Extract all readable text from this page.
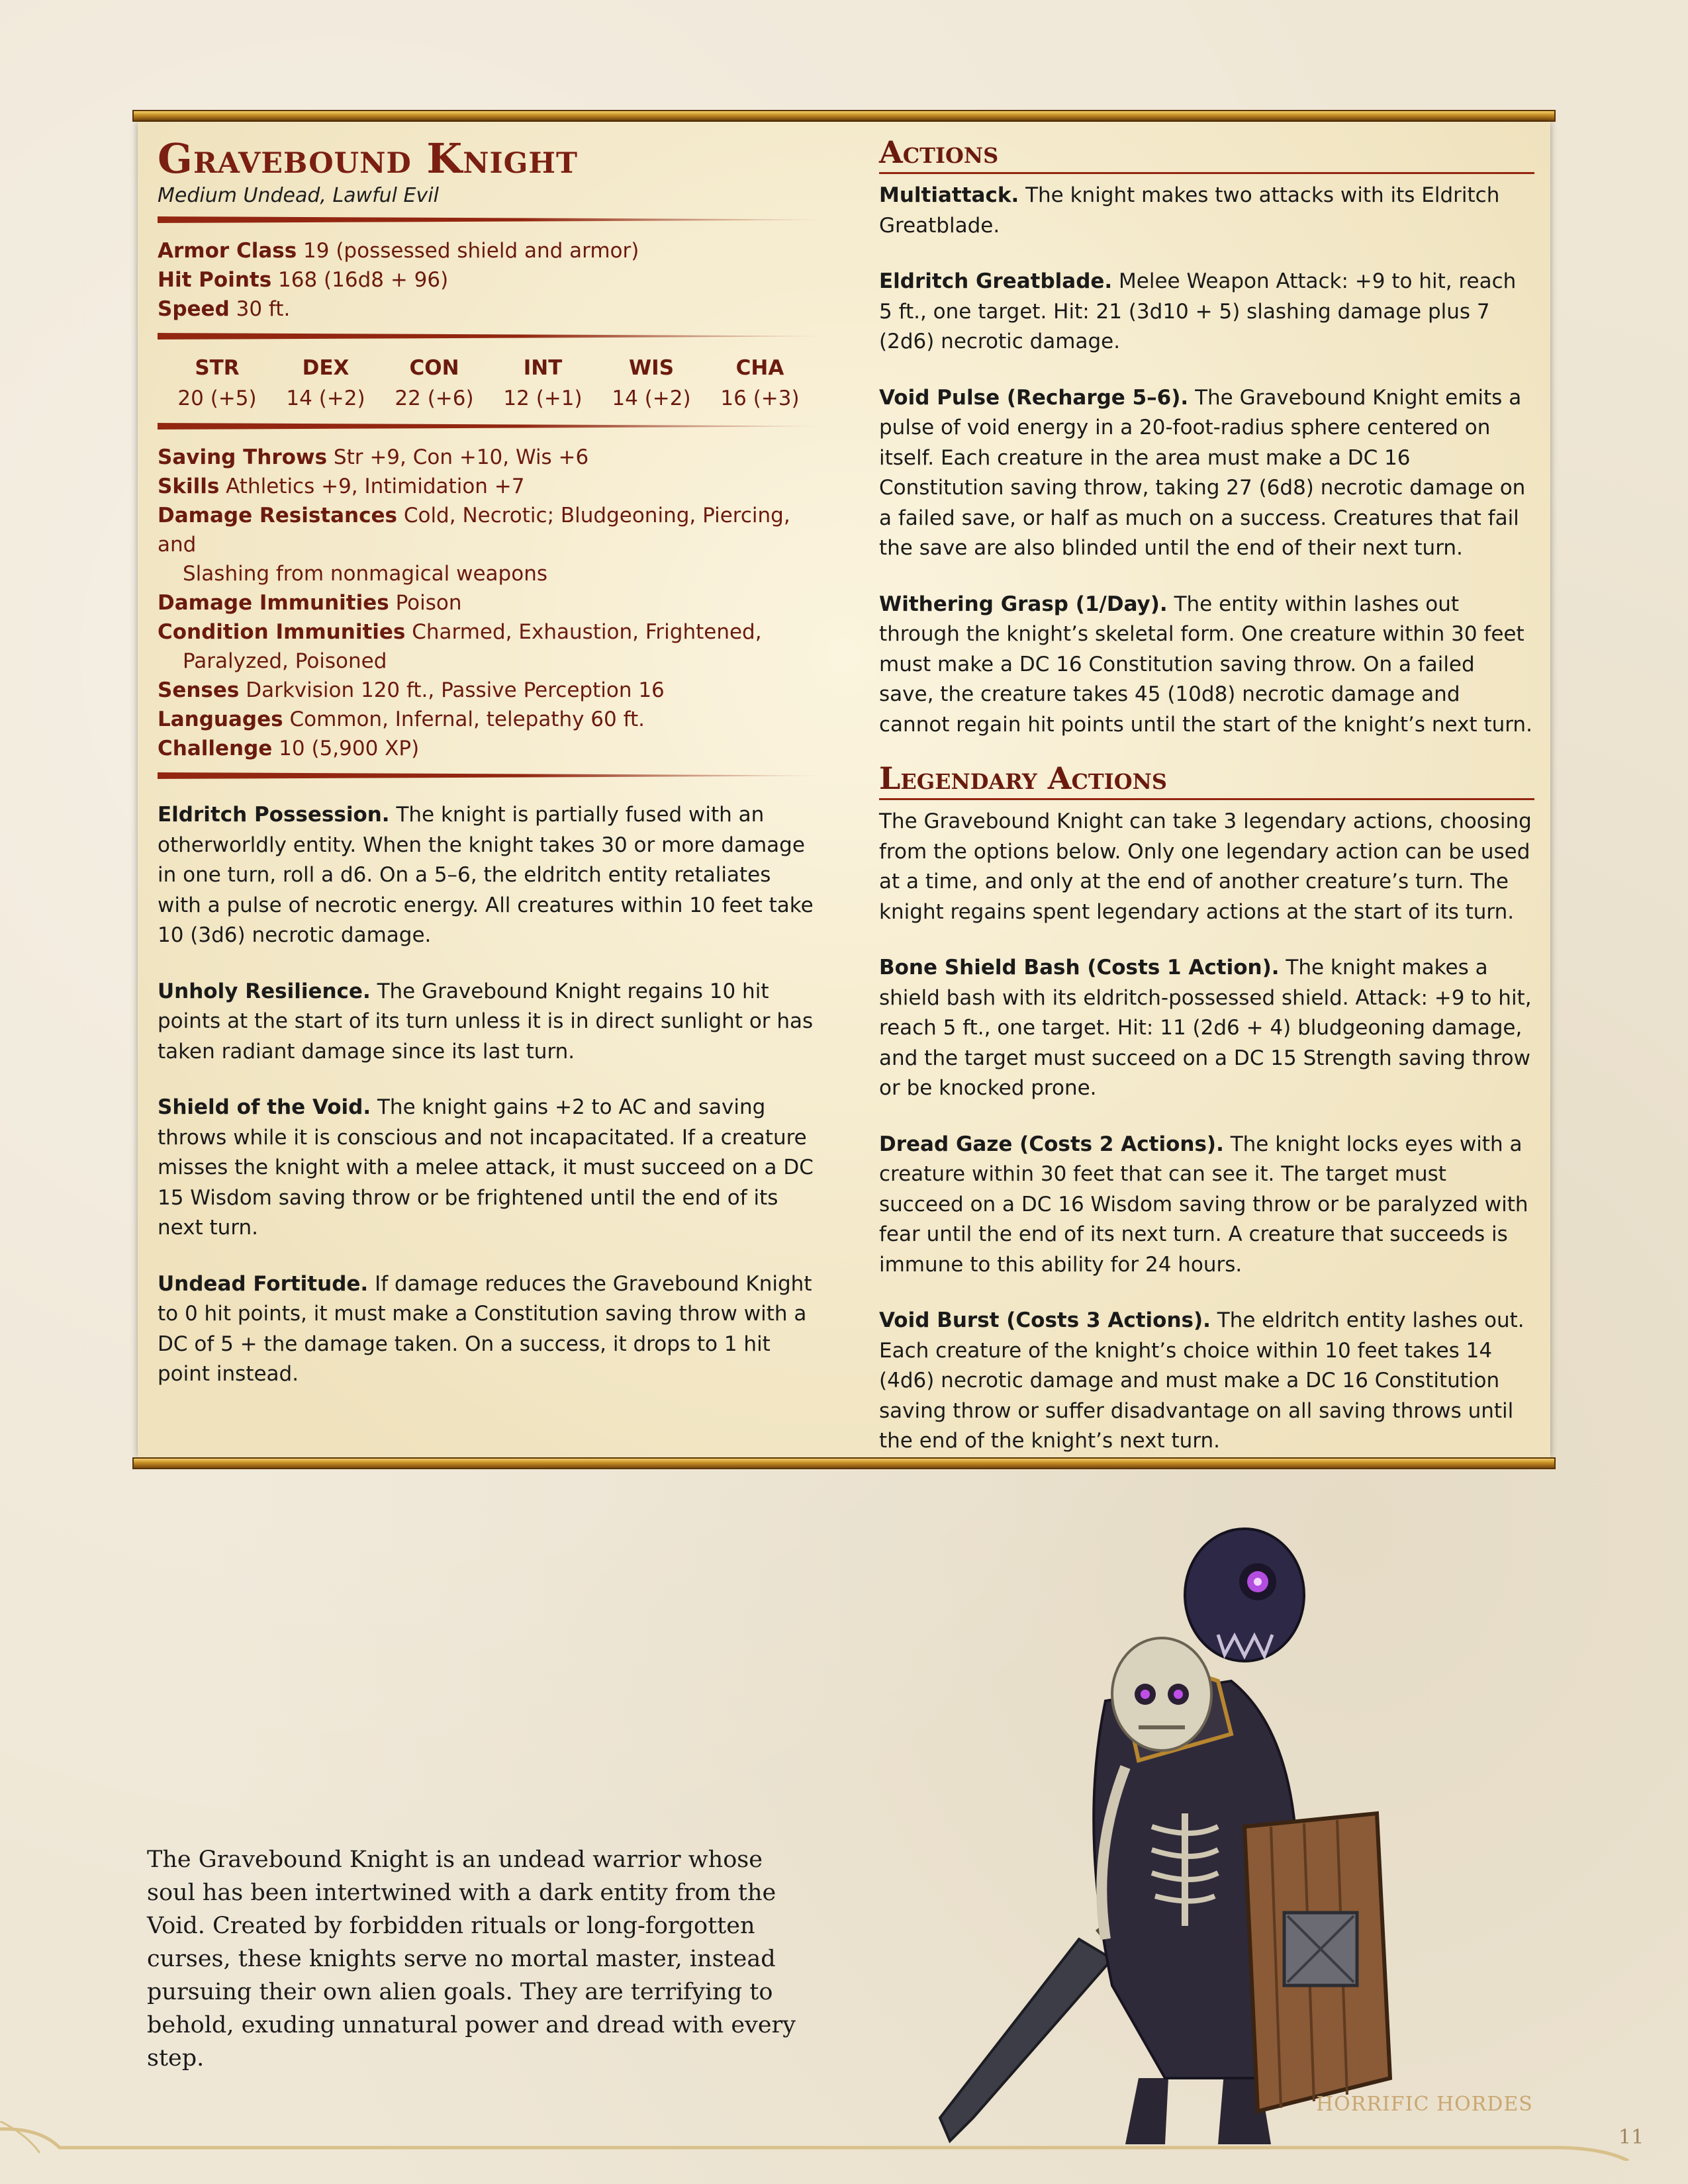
Gravebound Knight
Medium Undead, Lawful Evil
Armor Class 19 (possessed shield and armor)
Hit Points 168 (16d8 + 96)
Speed 30 ft.
STR
20 (+5)
DEX
14 (+2)
CON
22 (+6)
INT
12 (+1)
WIS
14 (+2)
CHA
16 (+3)
Saving Throws Str +9, Con +10, Wis +6
Skills Athletics +9, Intimidation +7
Damage Resistances Cold, Necrotic; Bludgeoning, Piercing, and
Slashing from nonmagical weapons
Damage Immunities Poison
Condition Immunities Charmed, Exhaustion, Frightened,
Paralyzed, Poisoned
Senses Darkvision 120 ft., Passive Perception 16
Languages Common, Infernal, telepathy 60 ft.
Challenge 10 (5,900 XP)

Eldritch Possession. The knight is partially fused with an otherworldly entity. When the knight takes 30 or more damage in one turn, roll a d6. On a 5–6, the eldritch entity retaliates with a pulse of necrotic energy. All creatures within 10 feet take 10 (3d6) necrotic damage.

Unholy Resilience. The Gravebound Knight regains 10 hit points at the start of its turn unless it is in direct sunlight or has taken radiant damage since its last turn.

Shield of the Void. The knight gains +2 to AC and saving throws while it is conscious and not incapacitated. If a creature misses the knight with a melee attack, it must succeed on a DC 15 Wisdom saving throw or be frightened until the end of its next turn.

Undead Fortitude. If damage reduces the Gravebound Knight to 0 hit points, it must make a Constitution saving throw with a DC of 5 + the damage taken. On a success, it drops to 1 hit point instead.

Actions

Multiattack. The knight makes two attacks with its Eldritch Greatblade.

Eldritch Greatblade. Melee Weapon Attack: +9 to hit, reach 5 ft., one target. Hit: 21 (3d10 + 5) slashing damage plus 7 (2d6) necrotic damage.

Void Pulse (Recharge 5–6). The Gravebound Knight emits a pulse of void energy in a 20-foot-radius sphere centered on itself. Each creature in the area must make a DC 16 Constitution saving throw, taking 27 (6d8) necrotic damage on a failed save, or half as much on a success. Creatures that fail the save are also blinded until the end of their next turn.

Withering Grasp (1/Day). The entity within lashes out through the knight’s skeletal form. One creature within 30 feet must make a DC 16 Constitution saving throw. On a failed save, the creature takes 45 (10d8) necrotic damage and cannot regain hit points until the start of the knight’s next turn.

Legendary Actions

The Gravebound Knight can take 3 legendary actions, choosing from the options below. Only one legendary action can be used at a time, and only at the end of another creature’s turn. The knight regains spent legendary actions at the start of its turn.

Bone Shield Bash (Costs 1 Action). The knight makes a shield bash with its eldritch-possessed shield. Attack: +9 to hit, reach 5 ft., one target. Hit: 11 (2d6 + 4) bludgeoning damage, and the target must succeed on a DC 15 Strength saving throw or be knocked prone.

Dread Gaze (Costs 2 Actions). The knight locks eyes with a creature within 30 feet that can see it. The target must succeed on a DC 16 Wisdom saving throw or be paralyzed with fear until the end of its next turn. A creature that succeeds is immune to this ability for 24 hours.

Void Burst (Costs 3 Actions). The eldritch entity lashes out. Each creature of the knight’s choice within 10 feet takes 14 (4d6) necrotic damage and must make a DC 16 Constitution saving throw or suffer disadvantage on all saving throws until the end of the knight’s next turn.

The Gravebound Knight is an undead warrior whose soul has been intertwined with a dark entity from the Void. Created by forbidden rituals or long-forgotten curses, these knights serve no mortal master, instead pursuing their own alien goals. They are terrifying to behold, exuding unnatural power and dread with every step.
HORRIFIC HORDES
11
